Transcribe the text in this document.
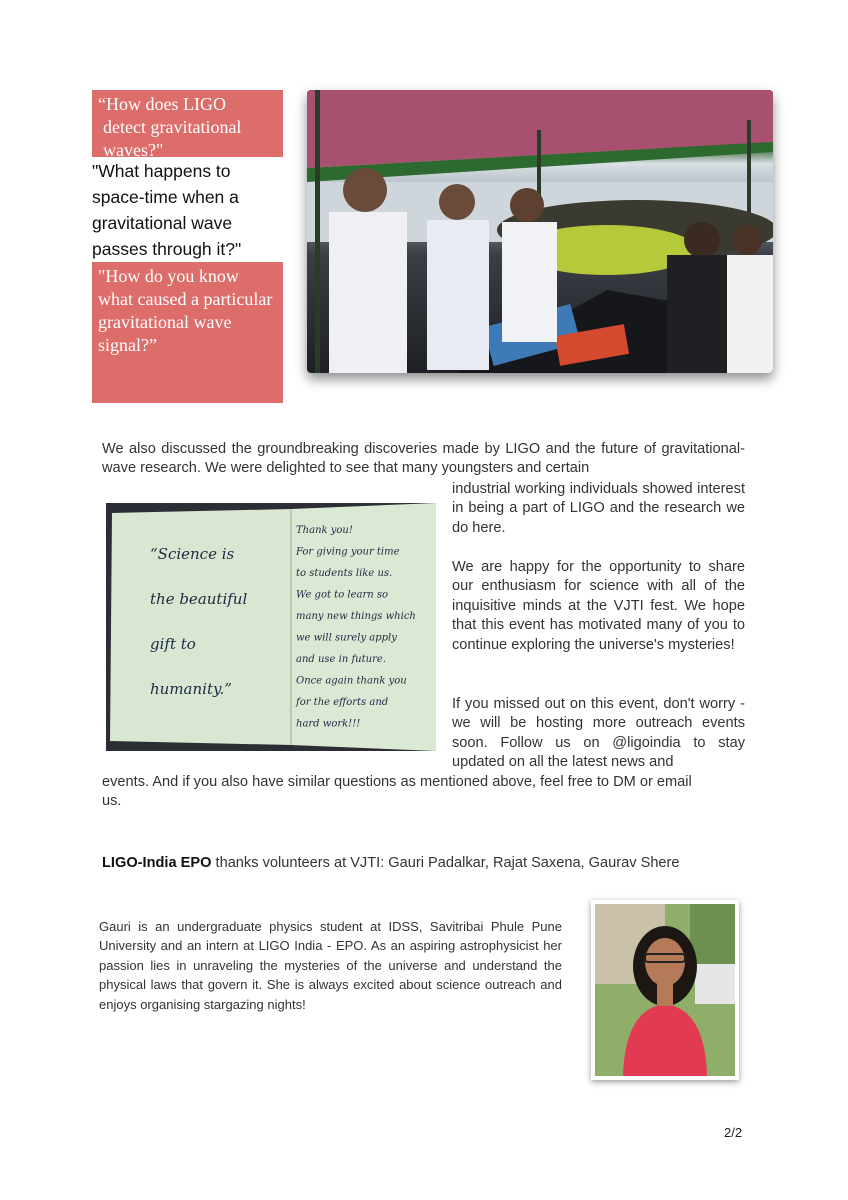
“How does LIGO
detect gravitational
waves?"
"What happens to space-time when a gravitational wave passes through it?"
"How do you know what caused a particular gravitational wave signal?”
We also discussed the groundbreaking discoveries made by LIGO and the future of gravitational-wave research. We were delighted to see that many youngsters and certain
industrial working individuals showed interest in being a part of LIGO and the research we do here.
“Science is
the beautiful
gift to
humanity.”
Thank you!
For giving your time
to students like us.
We got to learn so
many new things which
we will surely apply
and use in future.
Once again thank you
for the efforts and
hard work!!!
We are happy for the opportunity to share our enthusiasm for science with all of the inquisitive minds at the VJTI fest. We hope that this event has motivated many of you to continue exploring the universe's mysteries!
If you missed out on this event, don't worry - we will be hosting more outreach events soon. Follow us on @ligoindia to stay updated on all the latest news and
events. And if you also have similar questions as mentioned above, feel free to DM or email us.
LIGO-India EPO thanks volunteers at VJTI: Gauri Padalkar, Rajat Saxena, Gaurav Shere
Gauri is an undergraduate physics student at IDSS, Savitribai Phule Pune University and an intern at LIGO India - EPO. As an aspiring astrophysicist her passion lies in unraveling the mysteries of the universe and understand the physical laws that govern it. She is always excited about science outreach and enjoys organising stargazing nights!
2/2
